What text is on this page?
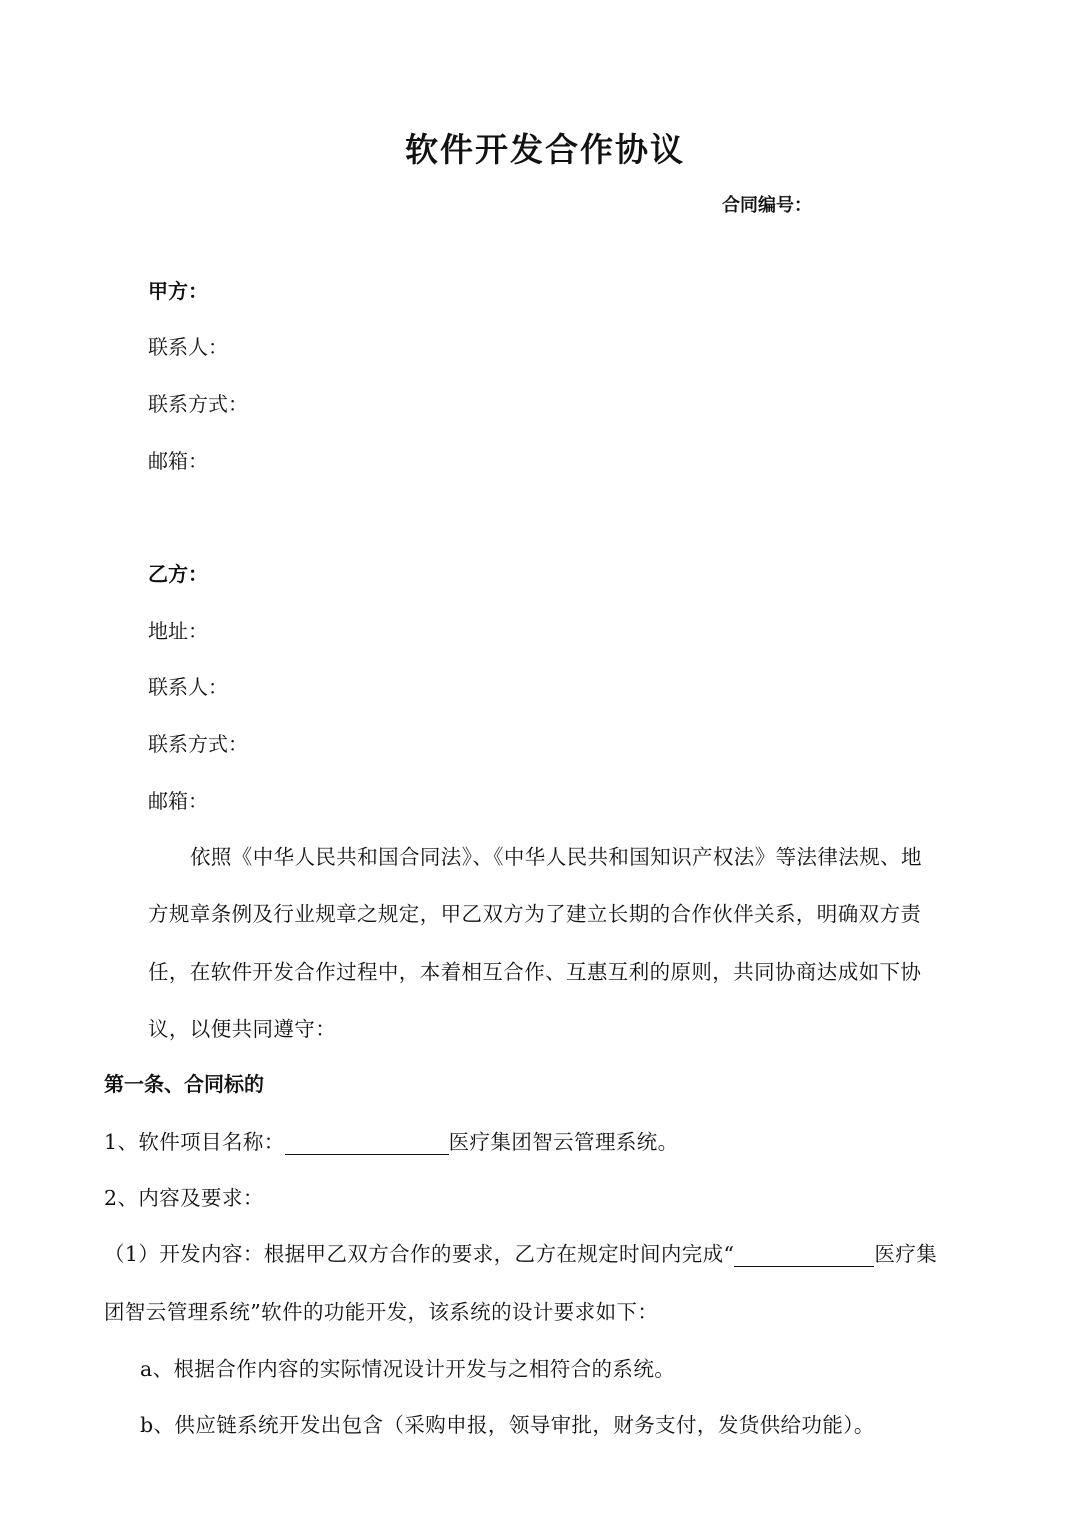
软件开发合作协议
合同编号：
甲方：
联系人：
联系方式：
邮箱：
乙方：
地址：
联系人：
联系方式：
邮箱：
依照《中华人民共和国合同法》、《中华人民共和国知识产权法》等法律法规、地
方规章条例及行业规章之规定，甲乙双方为了建立长期的合作伙伴关系，明确双方责
任，在软件开发合作过程中，本着相互合作、互惠互利的原则，共同协商达成如下协
议，以便共同遵守：
第一条、合同标的
1、软件项目名称：	医疗集团智云管理系统。
2、内容及要求：
（1）开发内容：根据甲乙双方合作的要求，乙方在规定时间内完成“	医疗集
团智云管理系统”软件的功能开发，该系统的设计要求如下：
a、根据合作内容的实际情况设计开发与之相符合的系统。
b、供应链系统开发出包含（采购申报，领导审批，财务支付，发货供给功能）。
